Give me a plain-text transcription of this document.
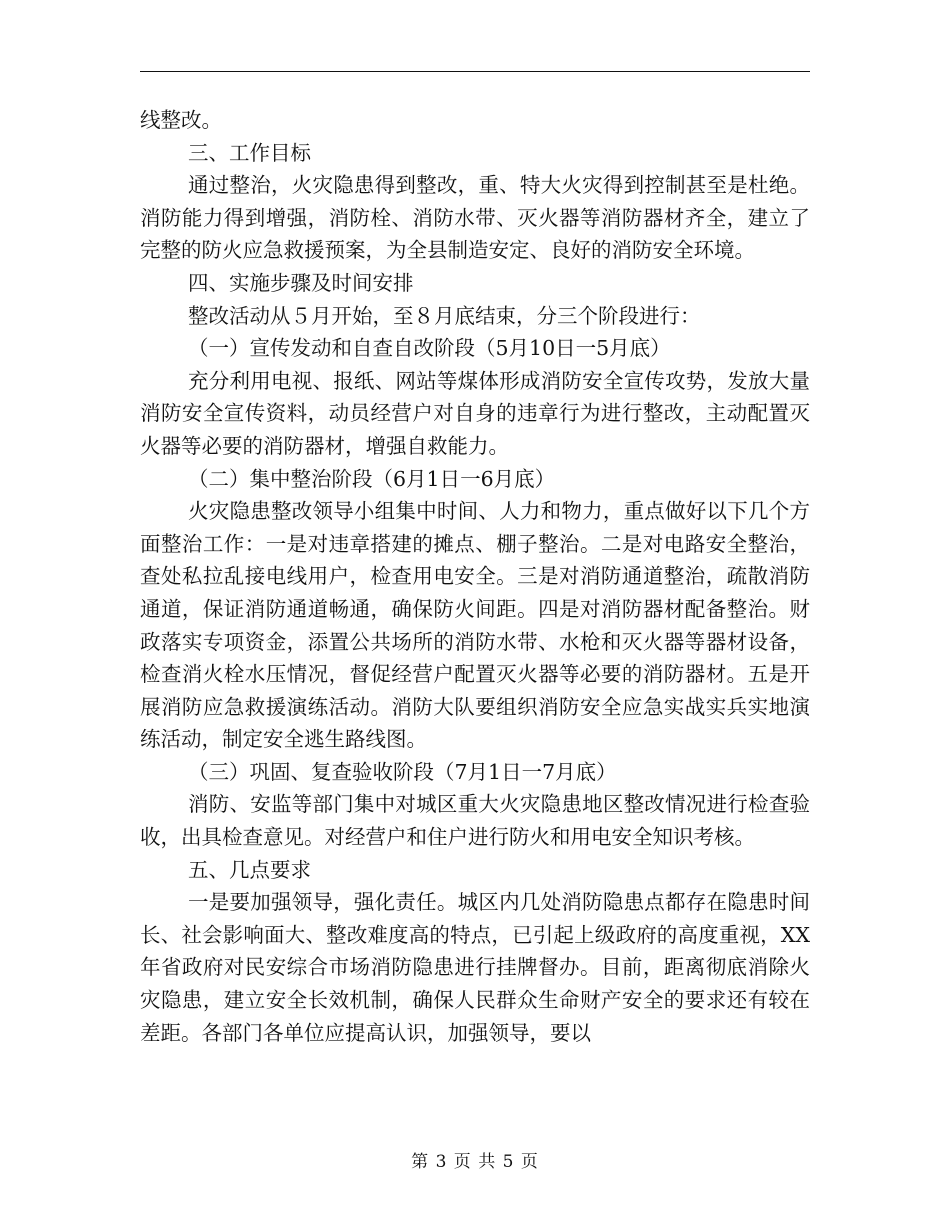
线整改。

三、工作目标

通过整治，火灾隐患得到整改，重、特大火灾得到控制甚至是杜绝。消防能力得到增强，消防栓、消防水带、灭火器等消防器材齐全，建立了完整的防火应急救援预案，为全县制造安定、良好的消防安全环境。

四、实施步骤及时间安排

整改活动从５月开始，至８月底结束，分三个阶段进行：

（一）宣传发动和自查自改阶段（5月10日一5月底）

充分利用电视、报纸、网站等煤体形成消防安全宣传攻势，发放大量消防安全宣传资料，动员经营户对自身的违章行为进行整改，主动配置灭火器等必要的消防器材，增强自救能力。

（二）集中整治阶段（6月1日一6月底）

火灾隐患整改领导小组集中时间、人力和物力，重点做好以下几个方面整治工作：一是对违章搭建的摊点、棚子整治。二是对电路安全整治，查处私拉乱接电线用户，检查用电安全。三是对消防通道整治，疏散消防通道，保证消防通道畅通，确保防火间距。四是对消防器材配备整治。财政落实专项资金，添置公共场所的消防水带、水枪和灭火器等器材设备，检查消火栓水压情况，督促经营户配置灭火器等必要的消防器材。五是开展消防应急救援演练活动。消防大队要组织消防安全应急实战实兵实地演练活动，制定安全逃生路线图。

（三）巩固、复查验收阶段（7月1日一7月底）

消防、安监等部门集中对城区重大火灾隐患地区整改情况进行检查验收，出具检查意见。对经营户和住户进行防火和用电安全知识考核。

五、几点要求

一是要加强领导，强化责任。城区内几处消防隐患点都存在隐患时间长、社会影响面大、整改难度高的特点，已引起上级政府的高度重视，XX年省政府对民安综合市场消防隐患进行挂牌督办。目前，距离彻底消除火灾隐患，建立安全长效机制，确保人民群众生命财产安全的要求还有较在差距。各部门各单位应提高认识，加强领导，要以

第 3 页 共 5 页
